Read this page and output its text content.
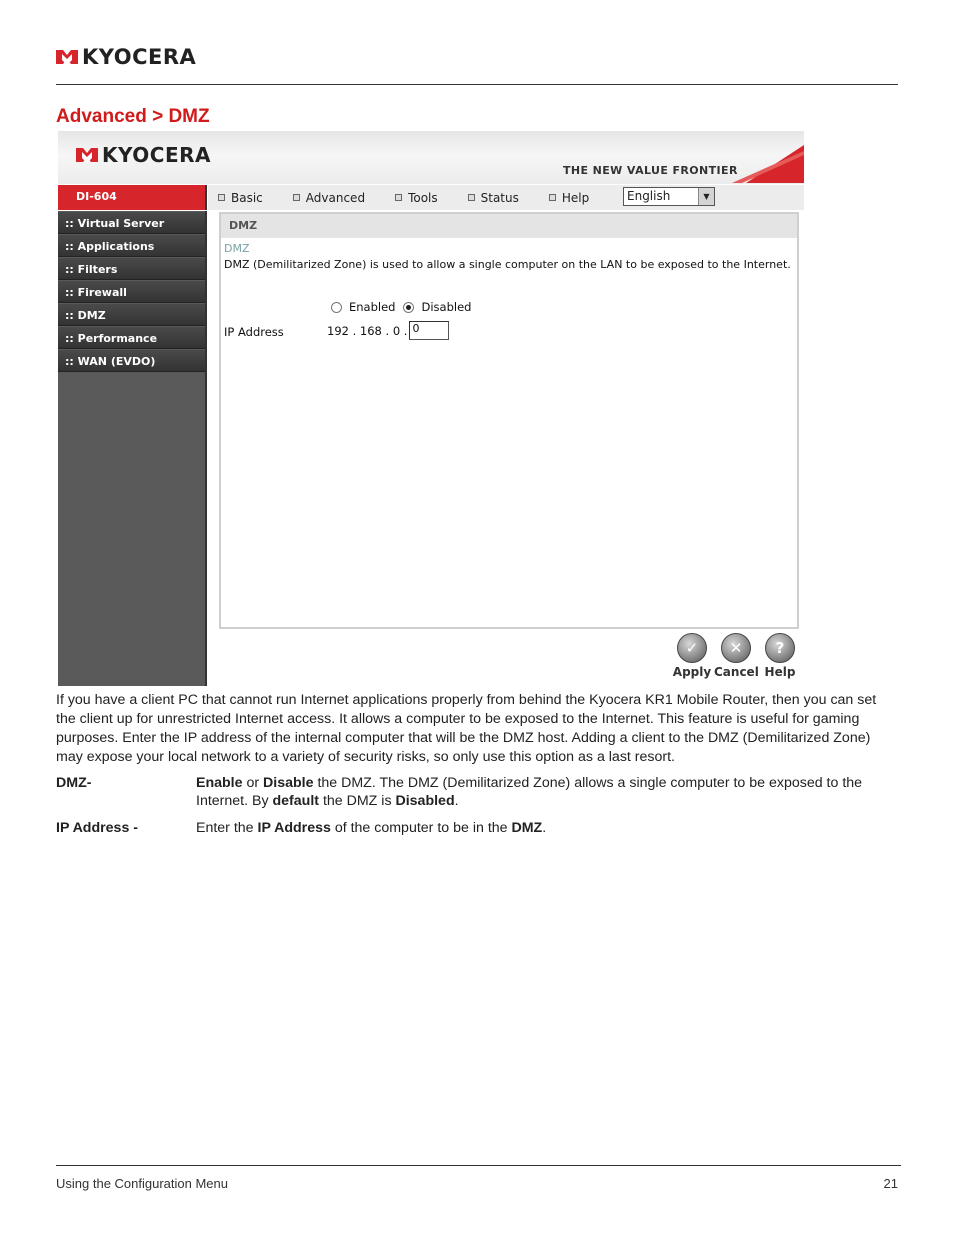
KYOCERA
Advanced > DMZ
KYOCERA
THE NEW VALUE FRONTIER
DI-604	Basic	Advanced	Tools	Status	Help	English	▼
:: Virtual Server
:: Applications
:: Filters
:: Firewall
:: DMZ
:: Performance
:: WAN (EVDO)
DMZ
DMZ
DMZ (Demilitarized Zone) is used to allow a single computer on the LAN to be exposed to the Internet.
Enabled Disabled
IP Address	192 . 168 . 0 . 0
✓
Apply
✕
Cancel
?
Help
If you have a client PC that cannot run Internet applications properly from behind the Kyocera KR1 Mobile Router, then you can set the client up for unrestricted Internet access. It allows a computer to be exposed to the Internet. This feature is useful for gaming purposes. Enter the IP address of the internal computer that will be the DMZ host. Adding a client to the DMZ (Demilitarized Zone) may expose your local network to a variety of security risks, so only use this option as a last resort.
DMZ-	Enable or Disable the DMZ. The DMZ (Demilitarized Zone) allows a single computer to be exposed to the Internet. By default the DMZ is Disabled.
IP Address -	Enter the IP Address of the computer to be in the DMZ.
Using the Configuration Menu	21
